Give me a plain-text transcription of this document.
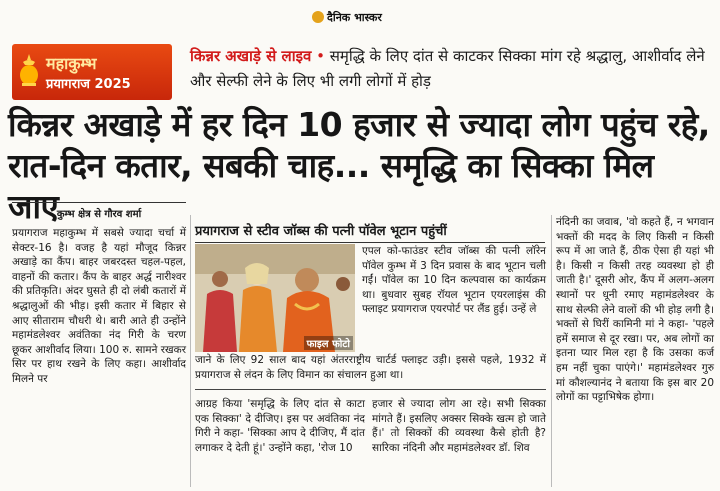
दैनिक भास्कर
महाकुम्भ
प्रयागराज 2025
किन्नर अखाड़े से लाइव • समृद्धि के लिए दांत से काटकर सिक्का मांग रहे श्रद्धालु, आशीर्वाद लेने और सेल्फी लेने के लिए भी लगी लोगों में होड़
किन्नर अखाड़े में हर दिन 10 हजार से ज्यादा लोग पहुंच रहे,
रात-दिन कतार, सबकी चाह... समृद्धि का सिक्का मिल जाए
कुम्भ क्षेत्र से गौरव शर्मा
प्रयागराज महाकुम्भ में सबसे ज्यादा चर्चा में सेक्टर-16 है। वजह है यहां मौजूद किन्नर अखाड़े का कैंप। बाहर जबरदस्त चहल-पहल, वाहनों की कतार। कैंप के बाहर अर्द्ध नारीश्वर की प्रतिकृति। अंदर घुसते ही दो लंबी कतारों में श्रद्धालुओं की भीड़। इसी कतार में बिहार से आए सीताराम चौधरी थे। बारी आते ही उन्होंने महामंडलेश्वर अवंतिका नंद गिरी के चरण छूकर आशीर्वाद लिया। 100 रु. सामने रखकर सिर पर हाथ रखने के लिए कहा। आशीर्वाद मिलने पर
प्रयागराज से स्टीव जॉब्स की पत्नी पॉवेल भूटान पहुंचीं
फाइल फोटो
एपल को-फाउंडर स्टीव जॉब्स की पत्नी लॉरेन पॉवेल कुम्भ में 3 दिन प्रवास के बाद भूटान चली गईं। पॉवेल का 10 दिन कल्पवास का कार्यक्रम था। बुधवार सुबह रॉयल भूटान एयरलाइंस की फ्लाइट प्रयागराज एयरपोर्ट पर लैंड हुई। उन्हें ले
जाने के लिए 92 साल बाद यहां अंतरराष्ट्रीय चार्टर्ड फ्लाइट उड़ी। इससे पहले, 1932 में प्रयागराज से लंदन के लिए विमान का संचालन हुआ था।
आग्रह किया 'समृद्धि के लिए दांत से काटा एक सिक्का' दे दीजिए। इस पर अवंतिका नंद गिरी ने कहा- 'सिक्का आप दे दीजिए, मैं दांत लगाकर दे देती हूं।' उन्होंने कहा, 'रोज 10
हजार से ज्यादा लोग आ रहे। सभी सिक्का मांगते हैं। इसलिए अक्सर सिक्के खत्म हो जाते हैं।' तो सिक्कों की व्यवस्था कैसे होती है? सारिका नंदिनी और महामंडलेश्वर डॉ. शिव
नंदिनी का जवाब, 'वो कहते हैं, न भगवान भक्तों की मदद के लिए किसी न किसी रूप में आ जाते हैं, ठीक ऐसा ही यहां भी है। किसी न किसी तरह व्यवस्था हो ही जाती है।' दूसरी ओर, कैंप में अलग-अलग स्थानों पर धूनी रमाए महामंडलेश्वर के साथ सेल्फी लेने वालों की भी होड़ लगी है। भक्तों से घिरीं कामिनी मां ने कहा- 'पहले हमें समाज से दूर रखा। पर, अब लोगों का इतना प्यार मिल रहा है कि उसका कर्ज हम नहीं चुका पाएंगे।' महामंडलेश्वर गुरु मां कौशल्यानंद ने बताया कि इस बार 20 लोगों का पट्टाभिषेक होगा।
